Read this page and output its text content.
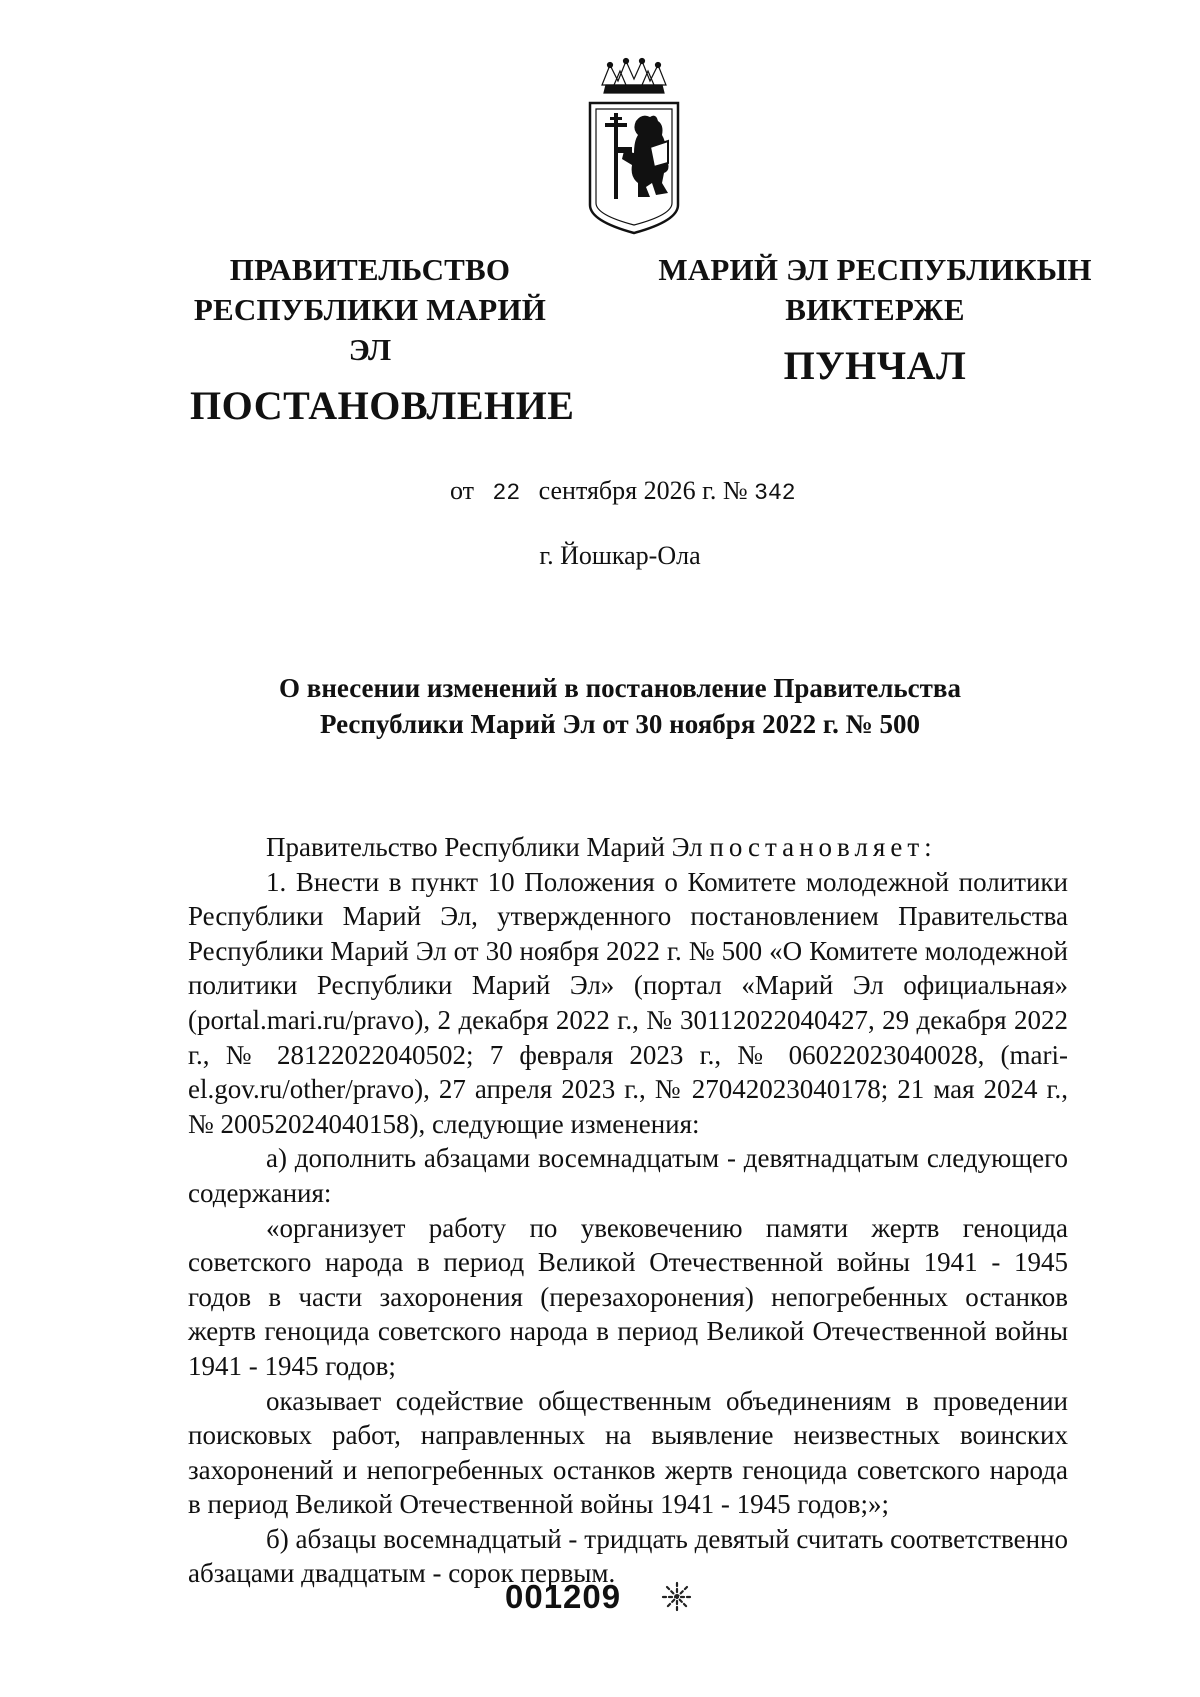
ПРАВИТЕЛЬСТВО
РЕСПУБЛИКИ МАРИЙ ЭЛ
ПОСТАНОВЛЕНИЕ
МАРИЙ ЭЛ РЕСПУБЛИКЫН
ВИКТЕРЖЕ
ПУНЧАЛ
от 22 сентября 2026 г. № 342
г. Йошкар-Ола
О внесении изменений в постановление Правительства
Республики Марий Эл от 30 ноября 2022 г. № 500

Правительство Республики Марий Эл постановляет:

1. Внести в пункт 10 Положения о Комитете молодежной политики Республики Марий Эл, утвержденного постановлением Правительства Республики Марий Эл от 30 ноября 2022 г. № 500 «О Комитете молодежной политики Республики Марий Эл» (портал «Марий Эл официальная» (portal.mari.ru/pravo), 2 декабря 2022 г., № 30112022040427, 29 декабря 2022 г., № 28122022040502; 7 февраля 2023 г., № 06022023040028, (mari-el.gov.ru/other/pravo), 27 апреля 2023 г., № 27042023040178; 21 мая 2024 г., № 20052024040158), следующие изменения:

а) дополнить абзацами восемнадцатым - девятнадцатым следующего содержания:

«организует работу по увековечению памяти жертв геноцида советского народа в период Великой Отечественной войны 1941 - 1945 годов в части захоронения (перезахоронения) непогребенных останков жертв геноцида советского народа в период Великой Отечественной войны 1941 - 1945 годов;

оказывает содействие общественным объединениям в проведении поисковых работ, направленных на выявление неизвестных воинских захоронений и непогребенных останков жертв геноцида советского народа в период Великой Отечественной войны 1941 - 1945 годов;»;

б) абзацы восемнадцатый - тридцать девятый считать соответственно абзацами двадцатым - сорок первым.

001209
